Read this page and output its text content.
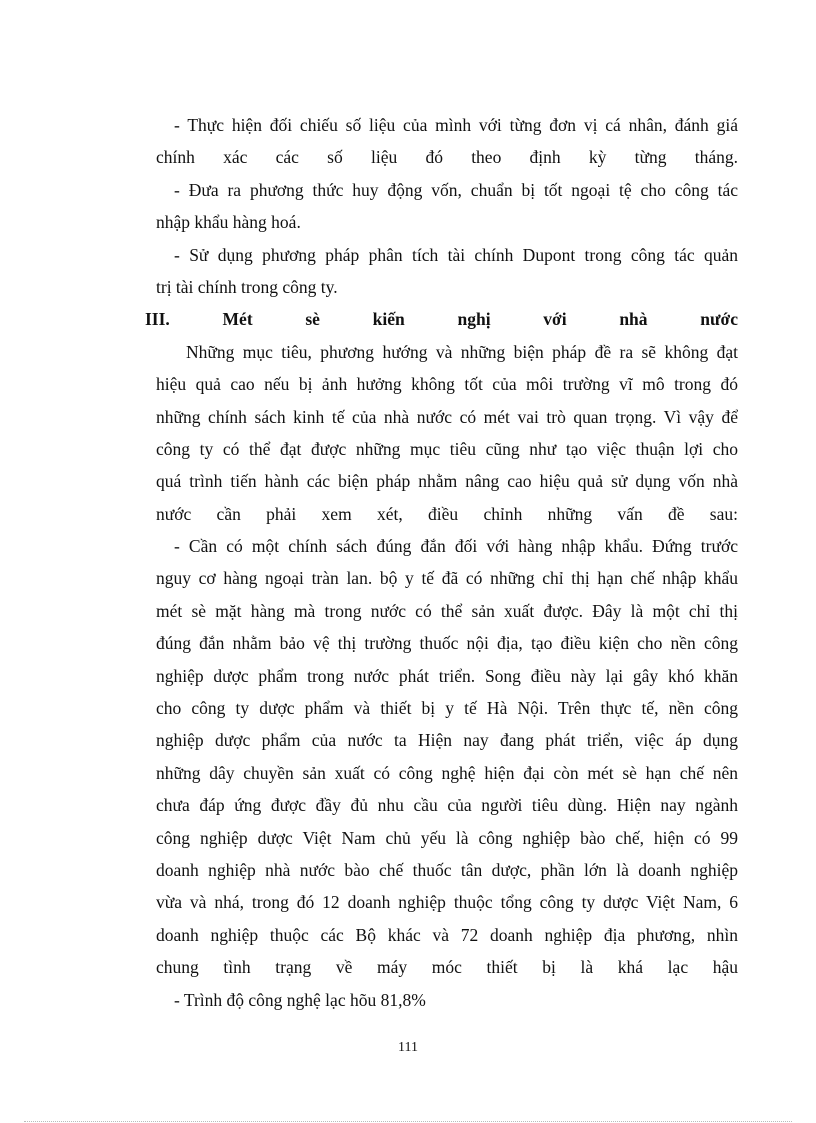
- Thực hiện đối chiếu số liệu của mình với từng đơn vị cá nhân, đánh giá
chính xác các số liệu đó theo định kỳ từng tháng.
- Đưa ra phương thức huy động vốn, chuẩn bị tốt ngoại tệ cho công tác
nhập khẩu hàng hoá.
- Sử dụng phương pháp phân tích tài chính Dupont trong công tác quản
trị tài chính trong công ty.
III.	Mét	sè	kiến	nghị	với	nhà	nước
Những mục tiêu, phương hướng và những biện pháp đề ra sẽ không đạt
hiệu quả cao nếu bị ảnh hưởng không tốt của môi trường vĩ mô trong đó
những chính sách kinh tế của nhà nước có mét vai trò quan trọng. Vì vậy để
công ty có thể đạt được những mục tiêu cũng như tạo việc thuận lợi cho
quá trình tiến hành các biện pháp nhằm nâng cao hiệu quả sử dụng vốn nhà
nước cần phải xem xét, điều chỉnh những vấn đề sau:
- Cần có một chính sách đúng đắn đối với hàng nhập khẩu. Đứng trước
nguy cơ hàng ngoại tràn lan. bộ y tế đã có những chỉ thị hạn chế nhập khẩu
mét sè mặt hàng mà trong nước có thể sản xuất được. Đây là một chỉ thị
đúng đắn nhằm bảo vệ thị trường thuốc nội địa, tạo điều kiện cho nền công
nghiệp dược phẩm trong nước phát triển. Song điều này lại gây khó khăn
cho công ty dược phẩm và thiết bị y tế Hà Nội. Trên thực tế, nền công
nghiệp dược phẩm của nước ta Hiện nay đang phát triển, việc áp dụng
những dây chuyền sản xuất có công nghệ hiện đại còn mét sè hạn chế nên
chưa đáp ứng được đầy đủ nhu cầu của người tiêu dùng. Hiện nay ngành
công nghiệp dược Việt Nam chủ yếu là công nghiệp bào chế, hiện có 99
doanh nghiệp nhà nước bào chế thuốc tân dược, phần lớn là doanh nghiệp
vừa và nhá, trong đó 12 doanh nghiệp thuộc tổng công ty dược Việt Nam, 6
doanh nghiệp thuộc các Bộ khác và 72 doanh nghiệp địa phương, nhìn
chung tình trạng về máy móc thiết bị là khá lạc hậu
- Trình độ công nghệ lạc hõu 81,8%
111
